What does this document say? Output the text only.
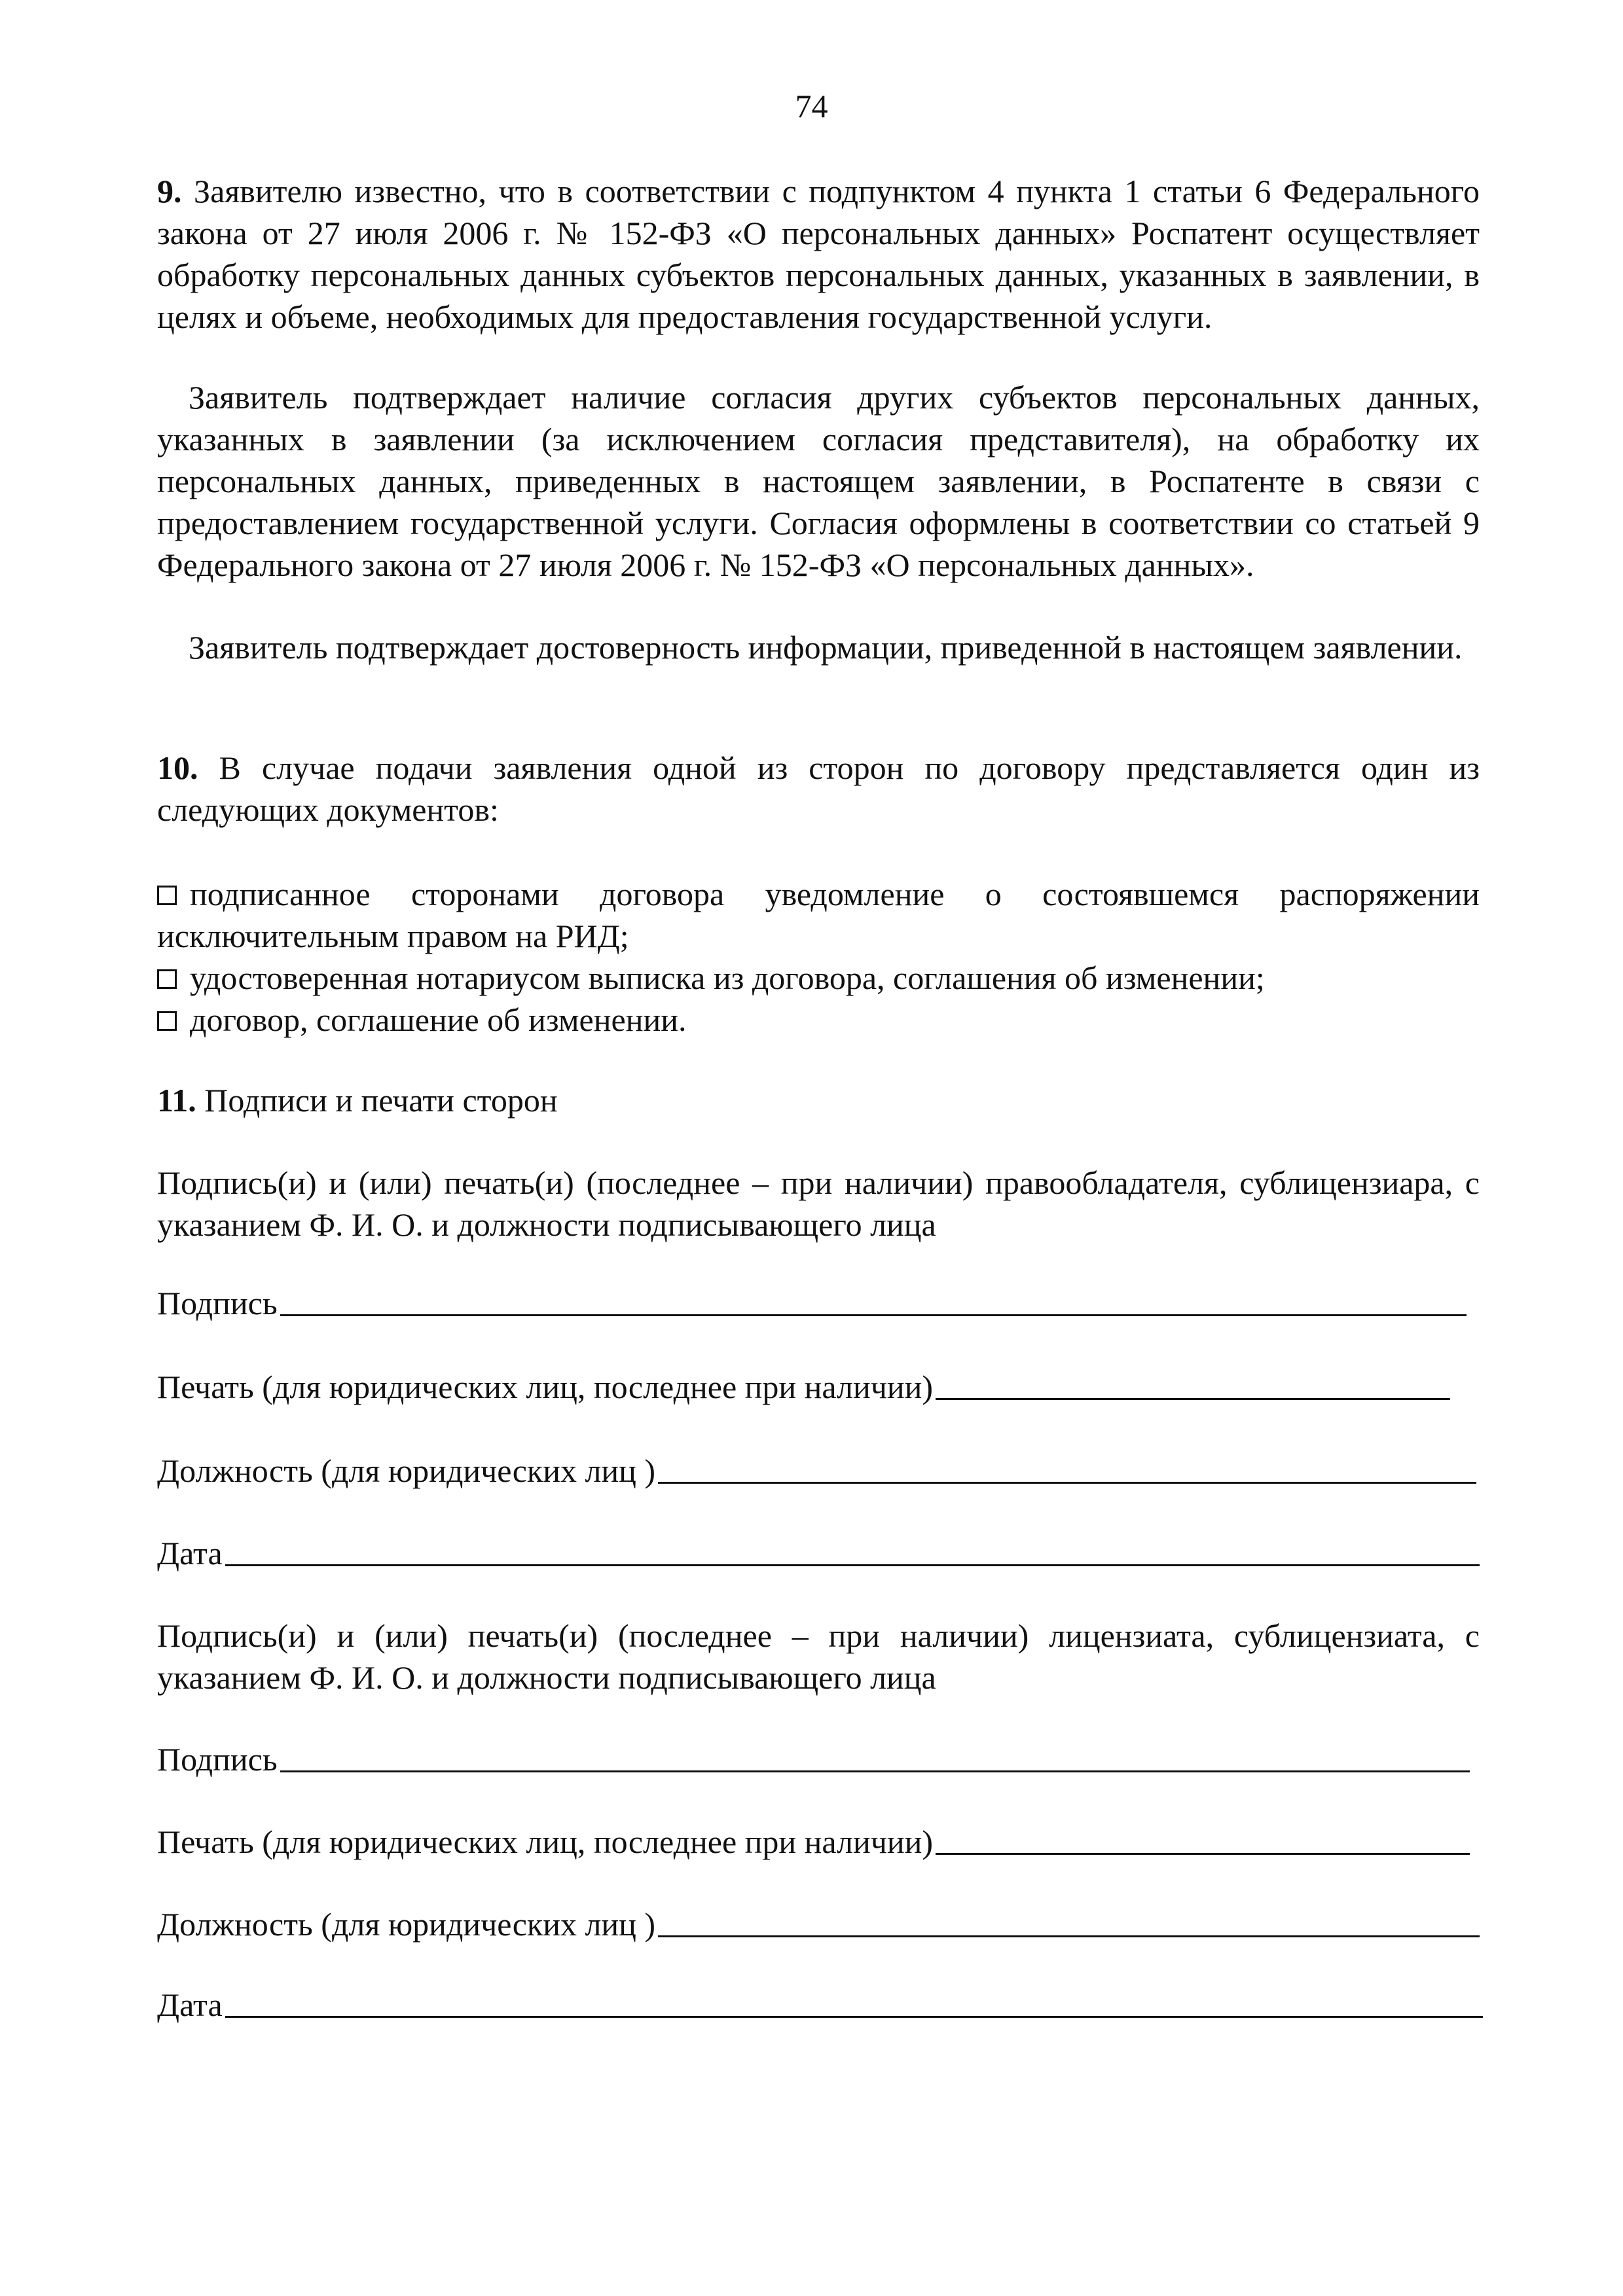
74
9. Заявителю известно, что в соответствии с подпунктом 4 пункта 1 статьи 6 Федерального закона от 27 июля 2006 г. № 152-ФЗ «О персональных данных» Роспатент осуществляет обработку персональных данных субъектов персональных данных, указанных в заявлении, в целях и объеме, необходимых для предоставления государственной услуги.
Заявитель подтверждает наличие согласия других субъектов персональных данных, указанных в заявлении (за исключением согласия представителя), на обработку их персональных данных, приведенных в настоящем заявлении, в Роспатенте в связи с предоставлением государственной услуги. Согласия оформлены в соответствии со статьей 9 Федерального закона от 27 июля 2006 г. № 152-ФЗ «О персональных данных».
Заявитель подтверждает достоверность информации, приведенной в настоящем заявлении.
10. В случае подачи заявления одной из сторон по договору представляется один из следующих документов:
подписанное сторонами договора уведомление о состоявшемся распоряжении исключительным правом на РИД;
удостоверенная нотариусом выписка из договора, соглашения об изменении;
договор, соглашение об изменении.
11. Подписи и печати сторон
Подпись(и) и (или) печать(и) (последнее – при наличии) правообладателя, сублицензиара, с указанием Ф. И. О. и должности подписывающего лица
Подпись
Печать (для юридических лиц, последнее при наличии)
Должность (для юридических лиц )
Дата
Подпись(и) и (или) печать(и) (последнее – при наличии) лицензиата, сублицензиата, с указанием Ф. И. О. и должности подписывающего лица
Подпись
Печать (для юридических лиц, последнее при наличии)
Должность (для юридических лиц )
Дата
